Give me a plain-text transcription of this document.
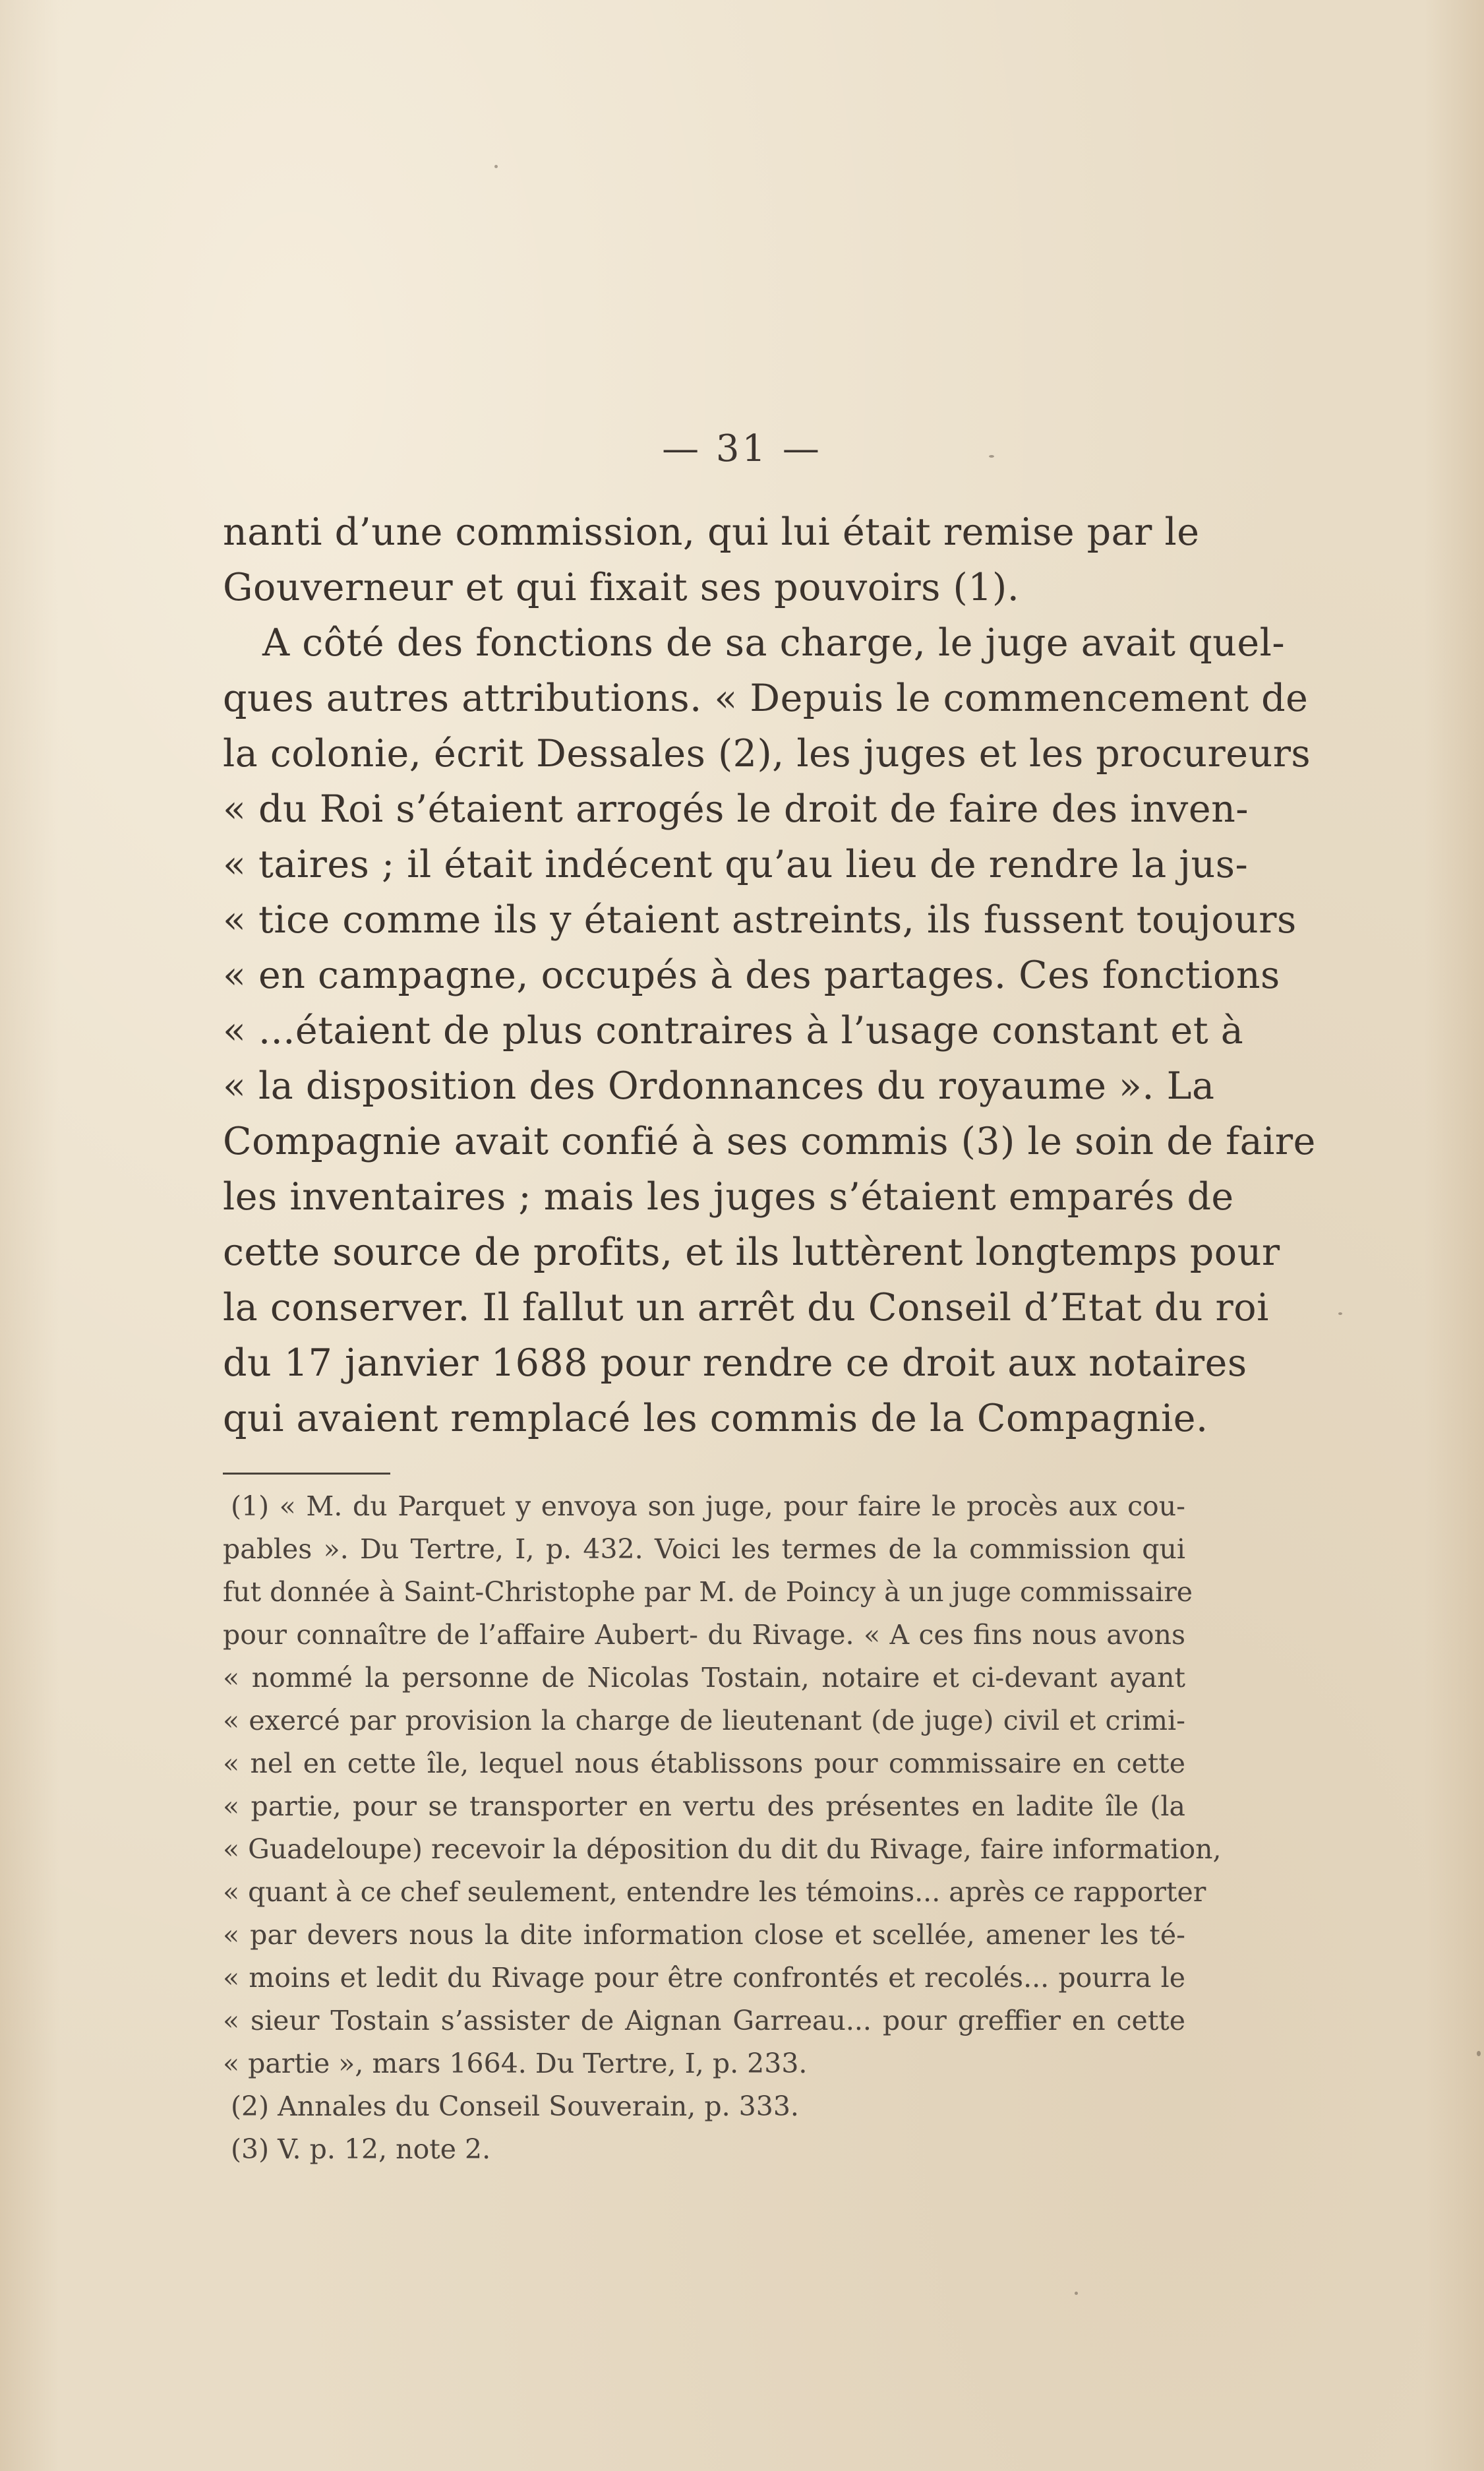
— 31 —
nanti d’une commission, qui lui était remise par le
Gouverneur et qui fixait ses pouvoirs (1).
A côté des fonctions de sa charge, le juge avait quel-
ques autres attributions. « Depuis le commencement de
la colonie, écrit Dessales (2), les juges et les procureurs
« du Roi s’étaient arrogés le droit de faire des inven-
« taires ; il était indécent qu’au lieu de rendre la jus-
« tice comme ils y étaient astreints, ils fussent toujours
« en campagne, occupés à des partages. Ces fonctions
« ...étaient de plus contraires à l’usage constant et à
« la disposition des Ordonnances du royaume ». La
Compagnie avait confié à ses commis (3) le soin de faire
les inventaires ; mais les juges s’étaient emparés de
cette source de profits, et ils luttèrent longtemps pour
la conserver. Il fallut un arrêt du Conseil d’Etat du roi
du 17 janvier 1688 pour rendre ce droit aux notaires
qui avaient remplacé les commis de la Compagnie.
(1) « M. du Parquet y envoya son juge, pour faire le procès aux cou-
pables ». Du Tertre, I, p. 432. Voici les termes de la commission qui
fut donnée à Saint-Christophe par M. de Poincy à un juge commissaire
pour connaître de l’affaire Aubert- du Rivage. « A ces fins nous avons
« nommé la personne de Nicolas Tostain, notaire et ci-devant ayant
« exercé par provision la charge de lieutenant (de juge) civil et crimi-
« nel en cette île, lequel nous établissons pour commissaire en cette
« partie, pour se transporter en vertu des présentes en ladite île (la
« Guadeloupe) recevoir la déposition du dit du Rivage, faire information,
« quant à ce chef seulement, entendre les témoins... après ce rapporter
« par devers nous la dite information close et scellée, amener les té-
« moins et ledit du Rivage pour être confrontés et recolés... pourra le
« sieur Tostain s’assister de Aignan Garreau... pour greffier en cette
« partie », mars 1664. Du Tertre, I, p. 233.
(2) Annales du Conseil Souverain, p. 333.
(3) V. p. 12, note 2.
